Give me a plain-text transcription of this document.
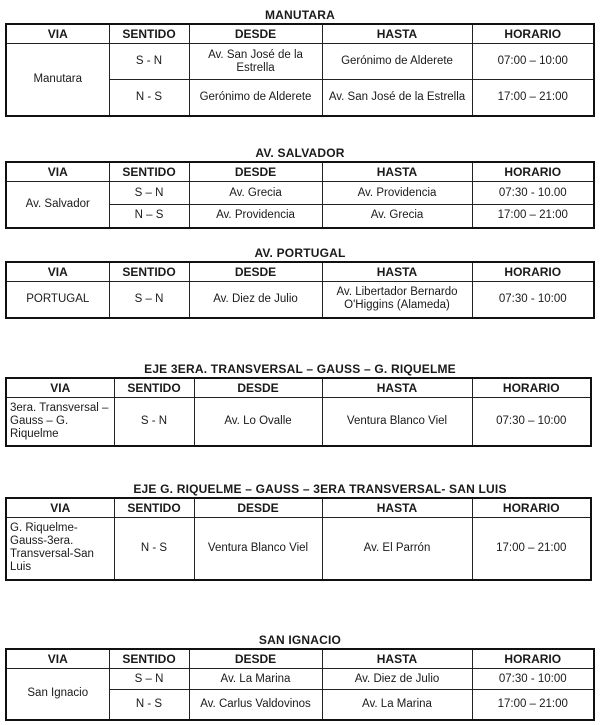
MANUTARA
VIA	SENTIDO	DESDE	HASTA	HORARIO
Manutara	S - N	Av. San José de la Estrella	Gerónimo de Alderete	07:00 – 10:00
	N - S	Gerónimo de Alderete	Av. San José de la Estrella	17:00 – 21:00
AV. SALVADOR
VIA	SENTIDO	DESDE	HASTA	HORARIO
Av. Salvador	S – N	Av. Grecia	Av. Providencia	07:30 - 10.00
	N – S	Av. Providencia	Av. Grecia	17:00 – 21:00
AV. PORTUGAL
VIA	SENTIDO	DESDE	HASTA	HORARIO
PORTUGAL	S – N	Av. Diez de Julio	Av. Libertador Bernardo O'Higgins (Alameda)	07:30 - 10:00
EJE 3ERA. TRANSVERSAL – GAUSS – G. RIQUELME
VIA	SENTIDO	DESDE	HASTA	HORARIO
3era. Transversal – Gauss – G. Riquelme	S - N	Av. Lo Ovalle	Ventura Blanco Viel	07:30 – 10:00
EJE G. RIQUELME – GAUSS – 3ERA TRANSVERSAL- SAN LUIS
VIA	SENTIDO	DESDE	HASTA	HORARIO
G. Riquelme-Gauss-3era. Transversal-San Luis	N - S	Ventura Blanco Viel	Av. El Parrón	17:00 – 21:00
SAN IGNACIO
VIA	SENTIDO	DESDE	HASTA	HORARIO
San Ignacio	S – N	Av. La Marina	Av. Diez de Julio	07:30 - 10:00
	N - S	Av. Carlus Valdovinos	Av. La Marina	17:00 – 21:00
